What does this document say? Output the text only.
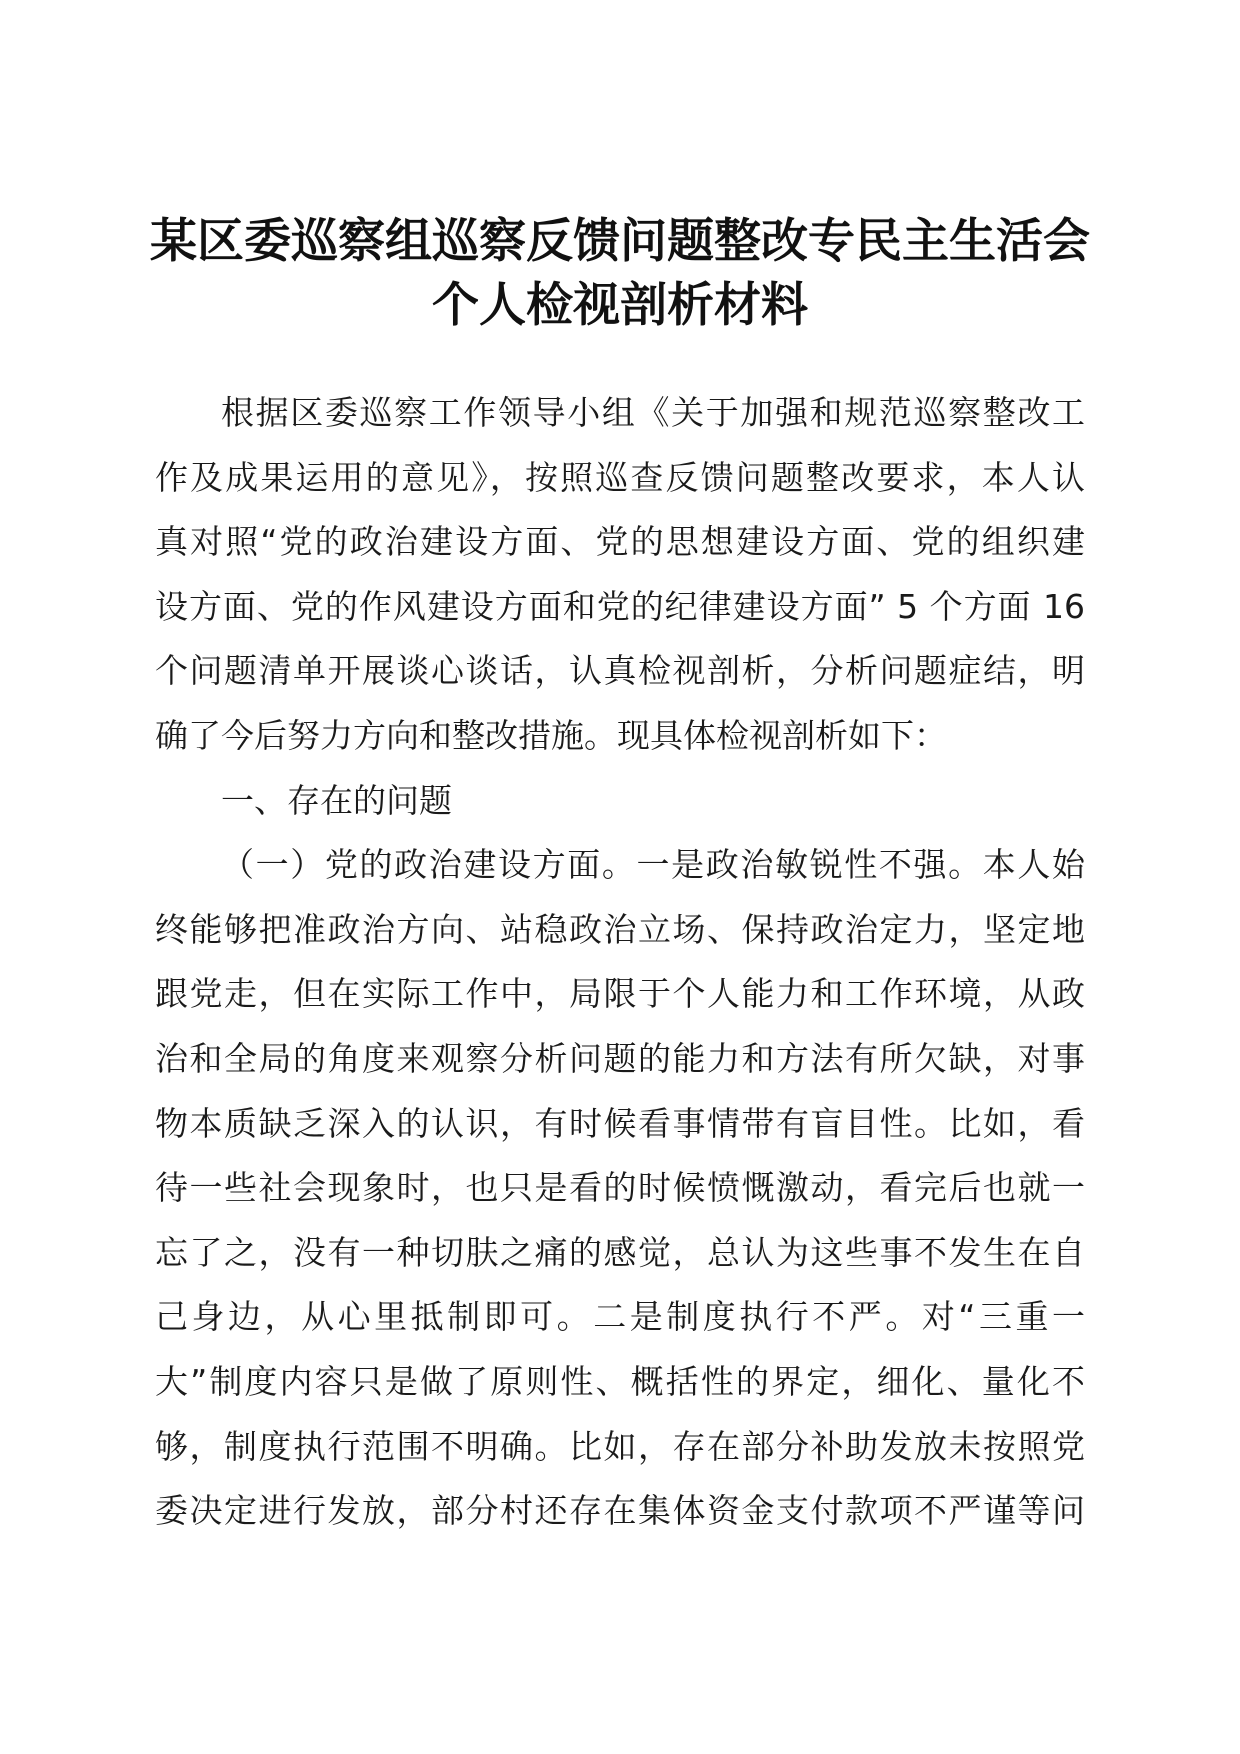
某区委巡察组巡察反馈问题整改专民主生活会
个人检视剖析材料
根据区委巡察工作领导小组《关于加强和规范巡察整改工
作及成果运用的意见》，按照巡查反馈问题整改要求，本人认
真对照“党的政治建设方面、党的思想建设方面、党的组织建
设方面、党的作风建设方面和党的纪律建设方面” 5 个方面 16
个问题清单开展谈心谈话，认真检视剖析，分析问题症结，明
确了今后努力方向和整改措施。现具体检视剖析如下：
一、存在的问题
（一）党的政治建设方面。一是政治敏锐性不强。本人始
终能够把准政治方向、站稳政治立场、保持政治定力，坚定地
跟党走，但在实际工作中，局限于个人能力和工作环境，从政
治和全局的角度来观察分析问题的能力和方法有所欠缺，对事
物本质缺乏深入的认识，有时候看事情带有盲目性。比如，看
待一些社会现象时，也只是看的时候愤慨激动，看完后也就一
忘了之，没有一种切肤之痛的感觉，总认为这些事不发生在自
己身边，从心里抵制即可。二是制度执行不严。对“三重一
大”制度内容只是做了原则性、概括性的界定，细化、量化不
够，制度执行范围不明确。比如，存在部分补助发放未按照党
委决定进行发放，部分村还存在集体资金支付款项不严谨等问
